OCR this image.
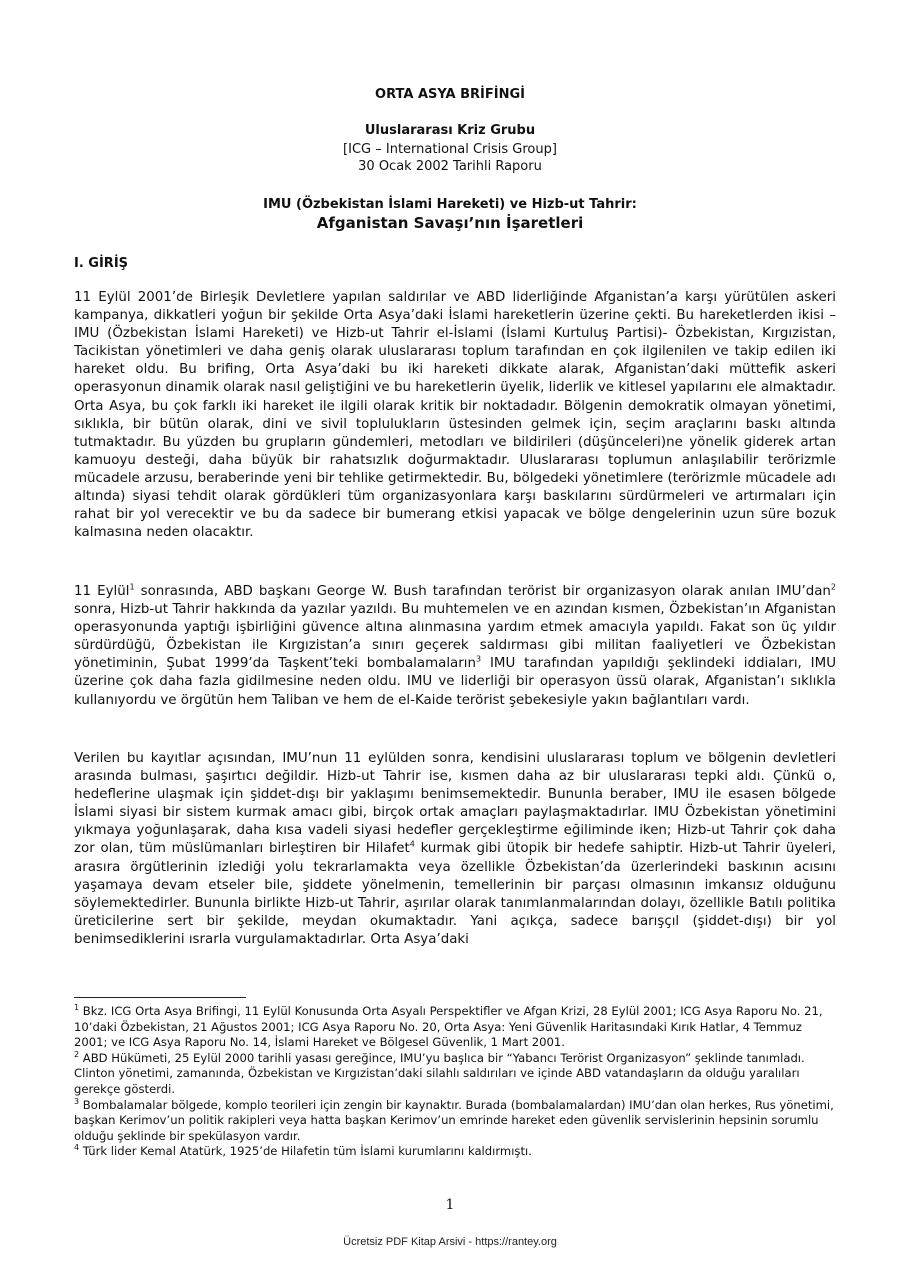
ORTA ASYA BRİFİNGİ
Uluslararası Kriz Grubu
[ICG – International Crisis Group]
30 Ocak 2002 Tarihli Raporu
IMU (Özbekistan İslami Hareketi) ve Hizb-ut Tahrir:
Afganistan Savaşı’nın İşaretleri
I. GİRİŞ
11 Eylül 2001’de Birleşik Devletlere yapılan saldırılar ve ABD liderliğinde Afganistan’a karşı yürütülen askeri kampanya, dikkatleri yoğun bir şekilde Orta Asya’daki İslami hareketlerin üzerine çekti. Bu hareketlerden ikisi –IMU (Özbekistan İslami Hareketi) ve Hizb-ut Tahrir el-İslami (İslami Kurtuluş Partisi)- Özbekistan, Kırgızistan, Tacikistan yönetimleri ve daha geniş olarak uluslararası toplum tarafından en çok ilgilenilen ve takip edilen iki hareket oldu. Bu brifing, Orta Asya’daki bu iki hareketi dikkate alarak, Afganistan’daki müttefik askeri operasyonun dinamik olarak nasıl geliştiğini ve bu hareketlerin üyelik, liderlik ve kitlesel yapılarını ele almaktadır. Orta Asya, bu çok farklı iki hareket ile ilgili olarak kritik bir noktadadır. Bölgenin demokratik olmayan yönetimi, sıklıkla, bir bütün olarak, dini ve sivil toplulukların üstesinden gelmek için, seçim araçlarını baskı altında tutmaktadır. Bu yüzden bu grupların gündemleri, metodları ve bildirileri (düşünceleri)ne yönelik giderek artan kamuoyu desteği, daha büyük bir rahatsızlık doğurmaktadır. Uluslararası toplumun anlaşılabilir terörizmle mücadele arzusu, beraberinde yeni bir tehlike getirmektedir. Bu, bölgedeki yönetimlere (terörizmle mücadele adı altında) siyasi tehdit olarak gördükleri tüm organizasyonlara karşı baskılarını sürdürmeleri ve artırmaları için rahat bir yol verecektir ve bu da sadece bir bumerang etkisi yapacak ve bölge dengelerinin uzun süre bozuk kalmasına neden olacaktır.
11 Eylül$^1$ sonrasında, ABD başkanı George W. Bush tarafından terörist bir organizasyon olarak anılan IMU’dan$^2$ sonra, Hizb-ut Tahrir hakkında da yazılar yazıldı. Bu muhtemelen ve en azından kısmen, Özbekistan’ın Afganistan operasyonunda yaptığı işbirliğini güvence altına alınmasına yardım etmek amacıyla yapıldı. Fakat son üç yıldır sürdürdüğü, Özbekistan ile Kırgızistan’a sınırı geçerek saldırması gibi militan faaliyetleri ve Özbekistan yönetiminin, Şubat 1999’da Taşkent’teki bombalamaların$^3$ IMU tarafından yapıldığı şeklindeki iddiaları, IMU üzerine çok daha fazla gidilmesine neden oldu. IMU ve liderliği bir operasyon üssü olarak, Afganistan’ı sıklıkla kullanıyordu ve örgütün hem Taliban ve hem de el-Kaide terörist şebekesiyle yakın bağlantıları vardı.
Verilen bu kayıtlar açısından, IMU’nun 11 eylülden sonra, kendisini uluslararası toplum ve bölgenin devletleri arasında bulması, şaşırtıcı değildir. Hizb-ut Tahrir ise, kısmen daha az bir uluslararası tepki aldı. Çünkü o, hedeflerine ulaşmak için şiddet-dışı bir yaklaşımı benimsemektedir. Bununla beraber, IMU ile esasen bölgede İslami siyasi bir sistem kurmak amacı gibi, birçok ortak amaçları paylaşmaktadırlar. IMU Özbekistan yönetimini yıkmaya yoğunlaşarak, daha kısa vadeli siyasi hedefler gerçekleştirme eğiliminde iken; Hizb-ut Tahrir çok daha zor olan, tüm müslümanları birleştiren bir Hilafet$^4$ kurmak gibi ütopik bir hedefe sahiptir. Hizb-ut Tahrir üyeleri, arasıra örgütlerinin izlediği yolu tekrarlamakta veya özellikle Özbekistan’da üzerlerindeki baskının acısını yaşamaya devam etseler bile, şiddete yönelmenin, temellerinin bir parçası olmasının imkansız olduğunu söylemektedirler. Bununla birlikte Hizb-ut Tahrir, aşırılar olarak tanımlanmalarından dolayı, özellikle Batılı politika üreticilerine sert bir şekilde, meydan okumaktadır. Yani açıkça, sadece barışçıl (şiddet-dışı) bir yol benimsediklerini ısrarla vurgulamaktadırlar. Orta Asya’daki

$^1$ Bkz. ICG Orta Asya Brifingi, 11 Eylül Konusunda Orta Asyalı Perspektifler ve Afgan Krizi, 28 Eylül 2001; ICG Asya Raporu No. 21, 10’daki Özbekistan, 21 Ağustos 2001; ICG Asya Raporu No. 20, Orta Asya: Yeni Güvenlik Haritasındaki Kırık Hatlar, 4 Temmuz 2001; ve ICG Asya Raporu No. 14, İslami Hareket ve Bölgesel Güvenlik, 1 Mart 2001.

$^2$ ABD Hükümeti, 25 Eylül 2000 tarihli yasası gereğince, IMU’yu başlıca bir “Yabancı Terörist Organizasyon” şeklinde tanımladı. Clinton yönetimi, zamanında, Özbekistan ve Kırgızistan’daki silahlı saldırıları ve içinde ABD vatandaşların da olduğu yaralıları gerekçe gösterdi.

$^3$ Bombalamalar bölgede, komplo teorileri için zengin bir kaynaktır. Burada (bombalamalardan) IMU’dan olan herkes, Rus yönetimi, başkan Kerimov’un politik rakipleri veya hatta başkan Kerimov’un emrinde hareket eden güvenlik servislerinin hepsinin sorumlu olduğu şeklinde bir spekülasyon vardır.

$^4$ Türk lider Kemal Atatürk, 1925’de Hilafetin tüm İslami kurumlarını kaldırmıştı.

1
Ücretsiz PDF Kitap Arsivi - https://rantey.org
